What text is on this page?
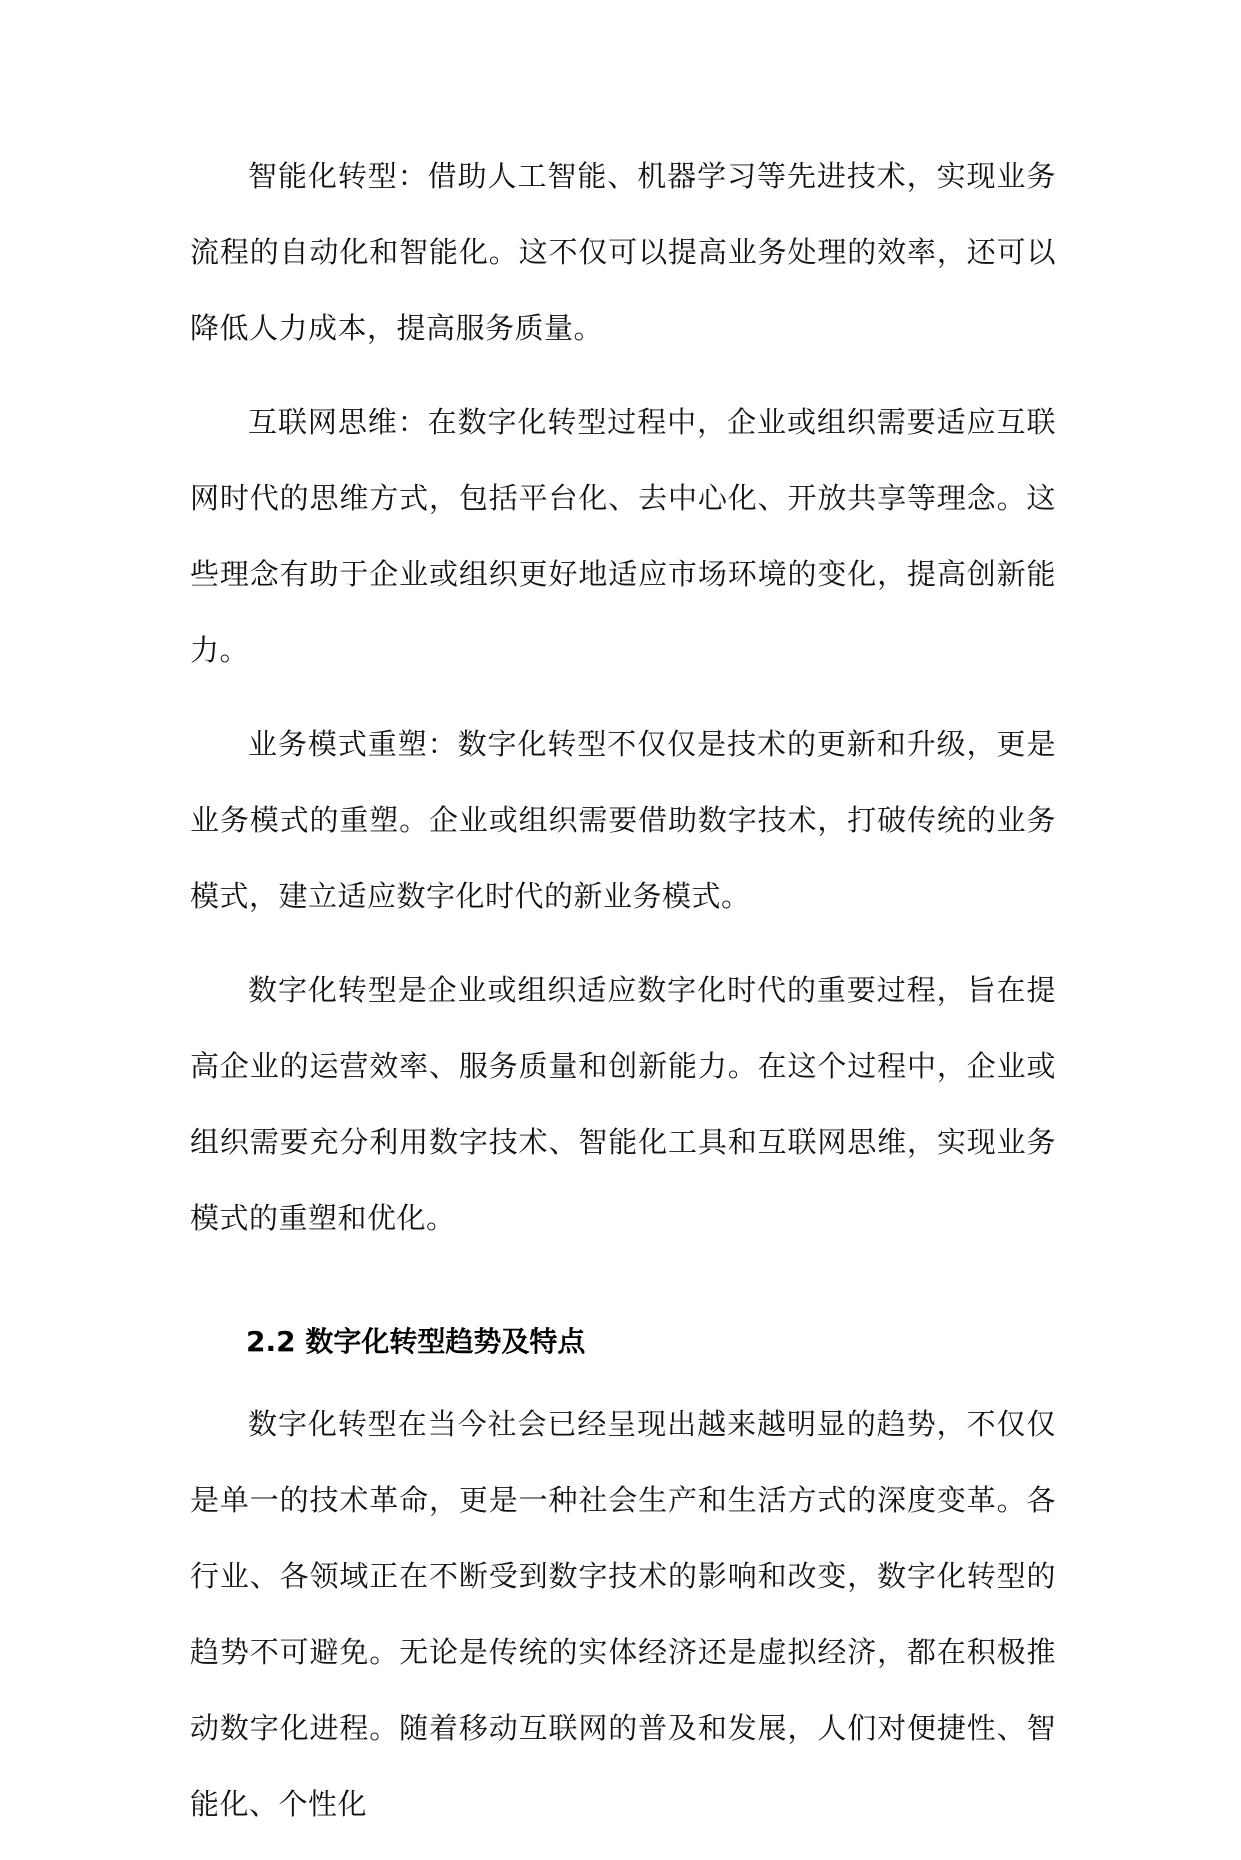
智能化转型：借助人工智能、机器学习等先进技术，实现业务流程的自动化和智能化。这不仅可以提高业务处理的效率，还可以降低人力成本，提高服务质量。

互联网思维：在数字化转型过程中，企业或组织需要适应互联网时代的思维方式，包括平台化、去中心化、开放共享等理念。这些理念有助于企业或组织更好地适应市场环境的变化，提高创新能力。

业务模式重塑：数字化转型不仅仅是技术的更新和升级，更是业务模式的重塑。企业或组织需要借助数字技术，打破传统的业务模式，建立适应数字化时代的新业务模式。

数字化转型是企业或组织适应数字化时代的重要过程，旨在提高企业的运营效率、服务质量和创新能力。在这个过程中，企业或组织需要充分利用数字技术、智能化工具和互联网思维，实现业务模式的重塑和优化。

2.2 数字化转型趋势及特点

数字化转型在当今社会已经呈现出越来越明显的趋势，不仅仅是单一的技术革命，更是一种社会生产和生活方式的深度变革。各行业、各领域正在不断受到数字技术的影响和改变，数字化转型的趋势不可避免。无论是传统的实体经济还是虚拟经济，都在积极推动数字化进程。随着移动互联网的普及和发展，人们对便捷性、智能化、个性化
